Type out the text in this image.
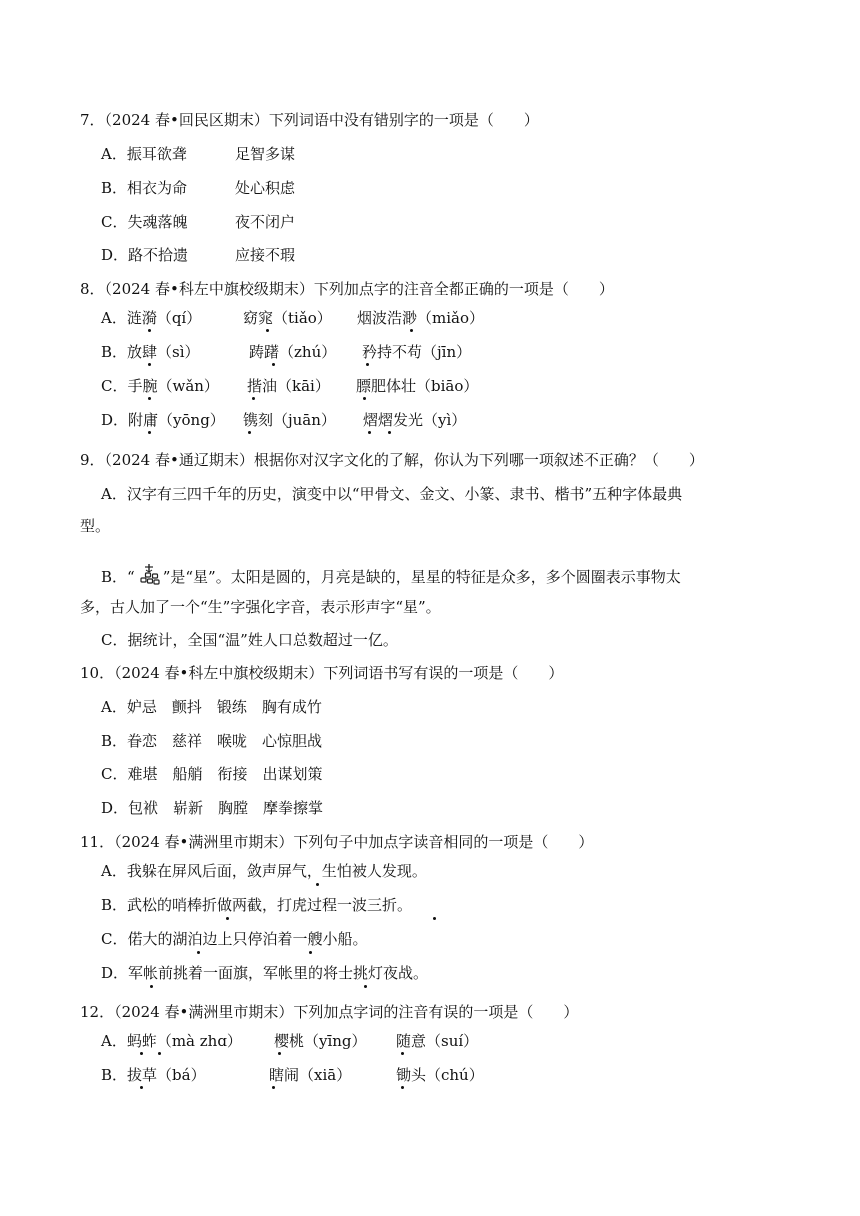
7．（2024 春•回民区期末）下列词语中没有错别字的一项是（　　）
A．振耳欲聋	足智多谋
B．相衣为命	处心积虑
C．失魂落魄	夜不闭户
D．路不拾遗	应接不瑕
8．（2024 春•科左中旗校级期末）下列加点字的注音全都正确的一项是（　　）
A．涟漪（qí）	窈窕（tiǎo） 烟波浩渺（miǎo）
B．放肆（sì）	踌躇（zhú） 矜持不苟（jīn）
C．手腕（wǎn） 揩油（kāi） 膘肥体壮（biāo）
D．附庸（yōng） 镌刻（juān） 熠熠发光（yì）
9．（2024 春•通辽期末）根据你对汉字文化的了解，你认为下列哪一项叙述不正确？（　　）
A．汉字有三四千年的历史，演变中以“甲骨文、金文、小篆、隶书、楷书”五种字体最典
型。
B．“ ”是“星”。太阳是圆的，月亮是缺的，星星的特征是众多，多个圆圈表示事物太
多，古人加了一个“生”字强化字音，表示形声字“星”。
C．据统计，全国“温”姓人口总数超过一亿。
10．（2024 春•科左中旗校级期末）下列词语书写有误的一项是（　　）
A．妒忌　颤抖　锻练　胸有成竹
B．眷恋　慈祥　喉咙　心惊胆战
C．难堪　船艄　衔接　出谋划策
D．包袱　崭新　胸膛　摩拳擦掌
11．（2024 春•满洲里市期末）下列句子中加点字读音相同的一项是（　　）
A．我躲在屏风后面，敛声屏气，生怕被人发现。
B．武松的哨棒折做两截，打虎过程一波三折。
C．偌大的湖泊边上只停泊着一艘小船。
D．军帐前挑着一面旗，军帐里的将士挑灯夜战。
12．（2024 春•满洲里市期末）下列加点字词的注音有误的一项是（　　）
A．蚂蚱（mà zhɑ） 樱桃（yīng） 随意（suí）
B．拔草（bá）	瞎闹（xiā）	锄头（chú）
